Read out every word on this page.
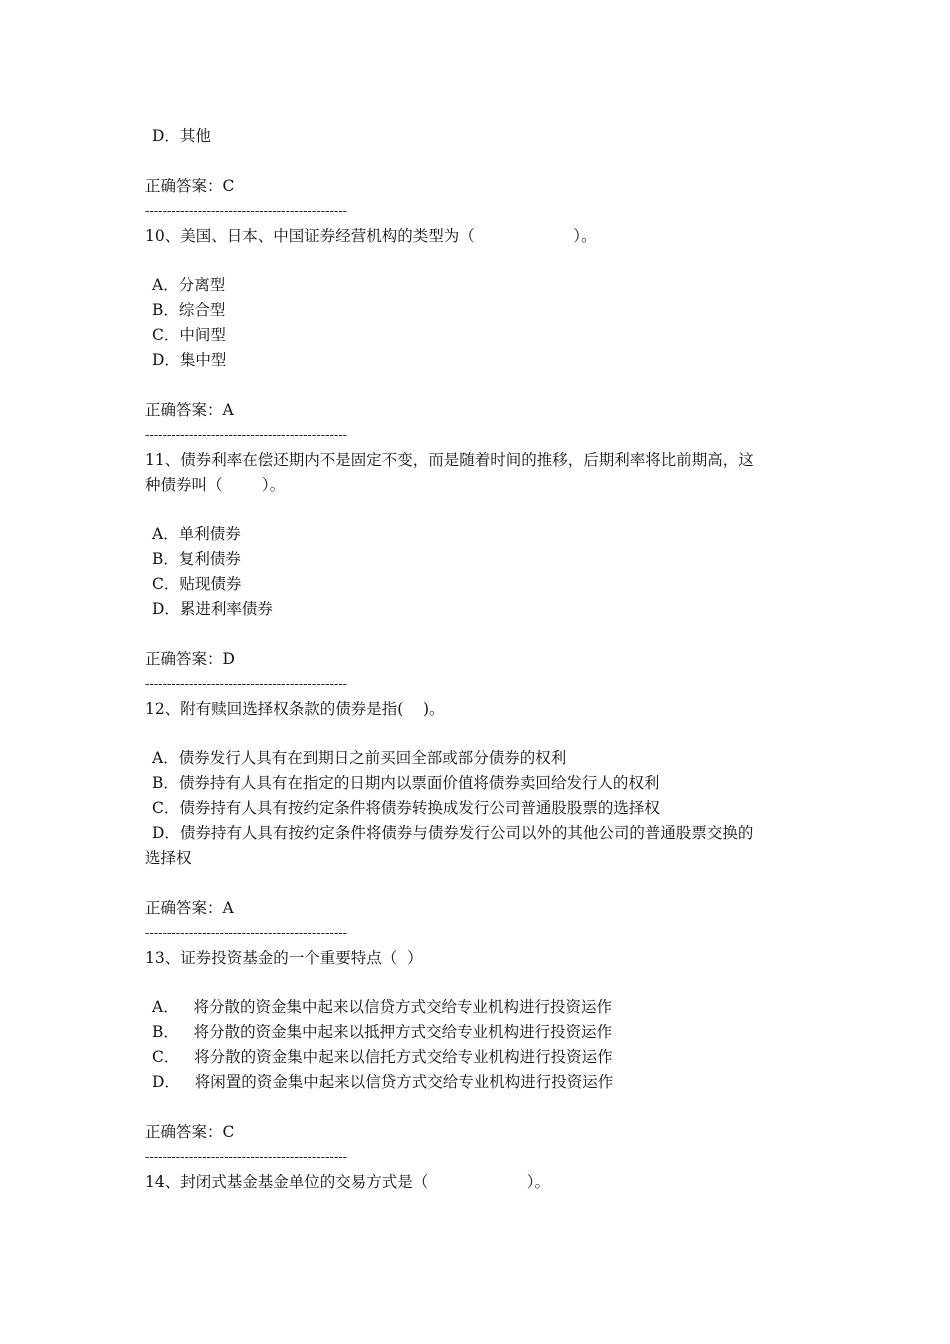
D．其他
正确答案：C
----------------------------------------------
10、美国、日本、中国证券经营机构的类型为（                    ）。
A．分离型
B．综合型
C．中间型
D．集中型
正确答案：A
----------------------------------------------
11、债券利率在偿还期内不是固定不变，而是随着时间的推移，后期利率将比前期高，这
种债券叫（        ）。
A．单利债券
B．复利债券
C．贴现债券
D．累进利率债券
正确答案：D
----------------------------------------------
12、附有赎回选择权条款的债券是指(    )。
A．债券发行人具有在到期日之前买回全部或部分债券的权利
B．债券持有人具有在指定的日期内以票面价值将债券卖回给发行人的权利
C．债券持有人具有按约定条件将债券转换成发行公司普通股股票的选择权
D．债券持有人具有按约定条件将债券与债券发行公司以外的其他公司的普通股票交换的
选择权
正确答案：A
----------------------------------------------
13、证券投资基金的一个重要特点（  ）
A．   将分散的资金集中起来以信贷方式交给专业机构进行投资运作
B．   将分散的资金集中起来以抵押方式交给专业机构进行投资运作
C．   将分散的资金集中起来以信托方式交给专业机构进行投资运作
D．   将闲置的资金集中起来以信贷方式交给专业机构进行投资运作
正确答案：C
----------------------------------------------
14、封闭式基金基金单位的交易方式是（                    ）。
